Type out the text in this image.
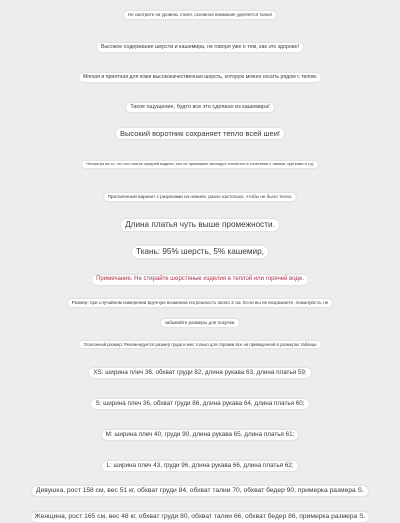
Не смотрите на уровень стиля, основное внимание уделяется ткани!
Высокое содержание шерсти и кашемира, не говоря уже о том, как это здорово!
Мягкая и приятная для кожи высококачественная шерсть, которую можно носить рядом с телом.
Такое ощущение, будто все это сделано из кашемира!
Высокий воротник сохраняет тепло всей шеи!
Несмотря на то, что это платье средней модели, оно не прижимает выглядит элегантно в сочетании с такими, куртками и т.д!
Приталенный вариант с разрезами на ножнях, разно настолько, чтобы не было тесно.
Длина платья чуть выше промежности.
Ткань: 95% шерсть, 5% кашемир,
Примечание. Не стирайте шерстяные изделия в теплой или горячей воде.
Размер: при случайном измерении вручную возможна погрешность около 2 см. Если вы не возражаете, пожалуйста, не
забывайте размеры для покупки.
Эталонный размер: Рекомендуется размер груди и мес только для справки все на приведенной в размерах таблице
XS: ширина плеч 36, обхват груди 82, длина рукава 63, длина платья 59;
S: ширина плеч 36, обхват груди 86, длина рукава 64, длина платья 60;
M: ширина плеч 40, груди 90, длина рукава 65, длина платья 61;
L: ширина плеч 43, груди 96, длина рукава 66, длина платья 62;
Девушка, рост 158 см, вес 51 кг, обхват груди 84, обхват талии 70, обхват бедер 90, примерка размера S.
Женщина, рост 165 см, вес 48 кг, обхват груди 80, обхват талии 66, обхват бедер 86, примерка размера S.
